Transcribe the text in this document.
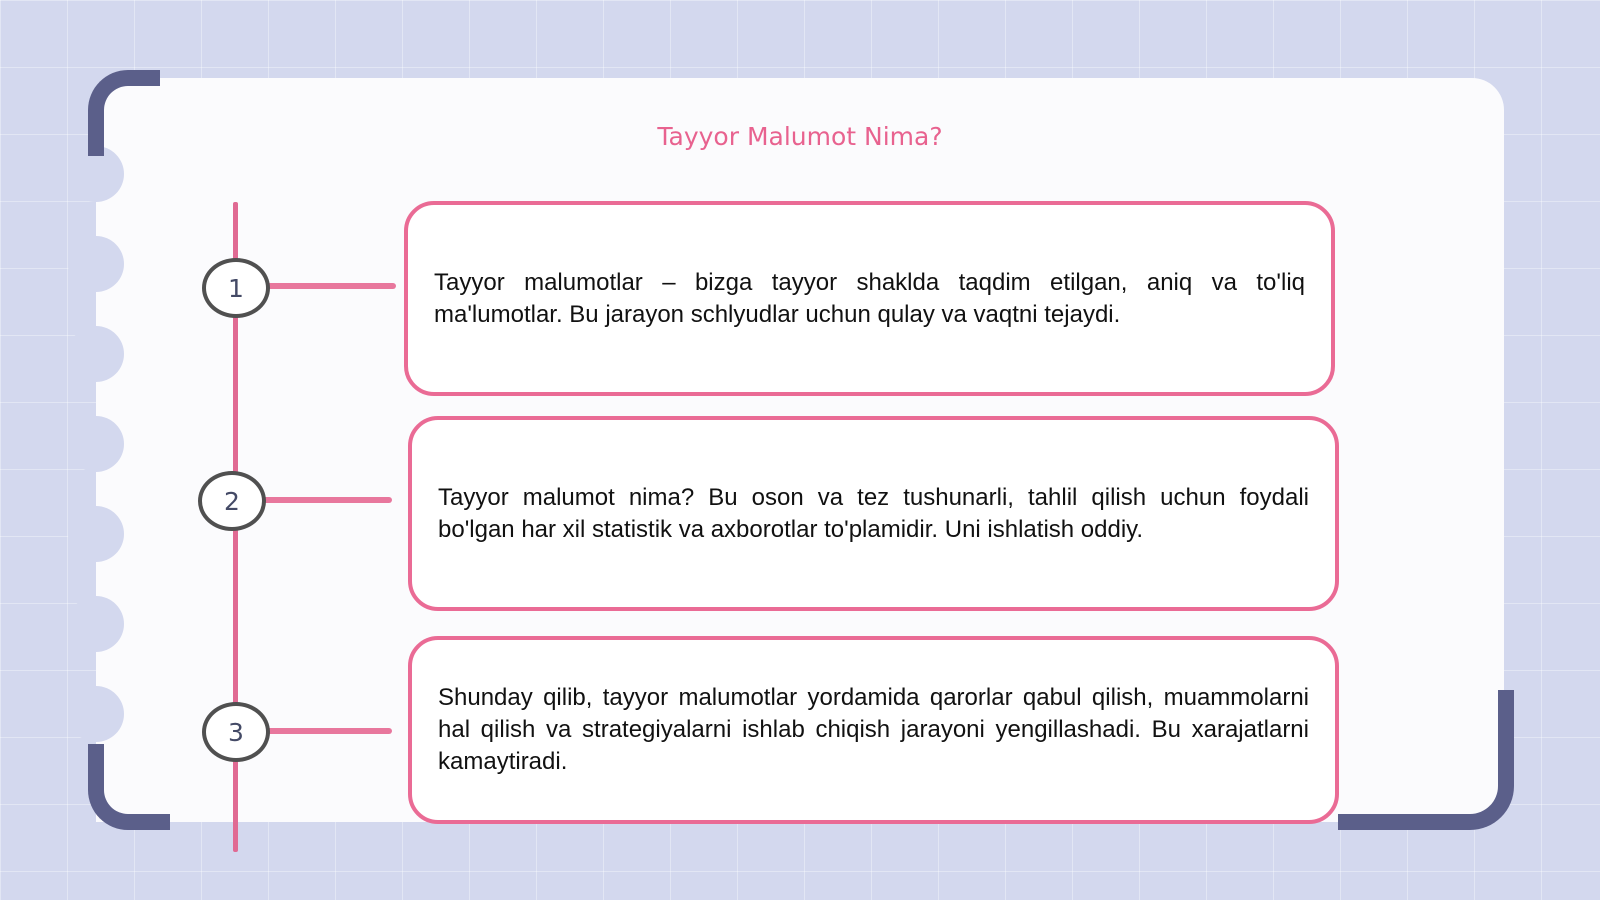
Tayyor Malumot Nima?
1
2
3

Tayyor malumotlar – bizga tayyor shaklda taqdim etilgan, aniq va to'liq ma'lumotlar. Bu jarayon schlyudlar uchun qulay va vaqtni tejaydi.

Tayyor malumot nima? Bu oson va tez tushunarli, tahlil qilish uchun foydali bo'lgan har xil statistik va axborotlar to'plamidir. Uni ishlatish oddiy.

Shunday qilib, tayyor malumotlar yordamida qarorlar qabul qilish, muammolarni hal qilish va strategiyalarni ishlab chiqish jarayoni yengillashadi. Bu xarajatlarni kamaytiradi.
